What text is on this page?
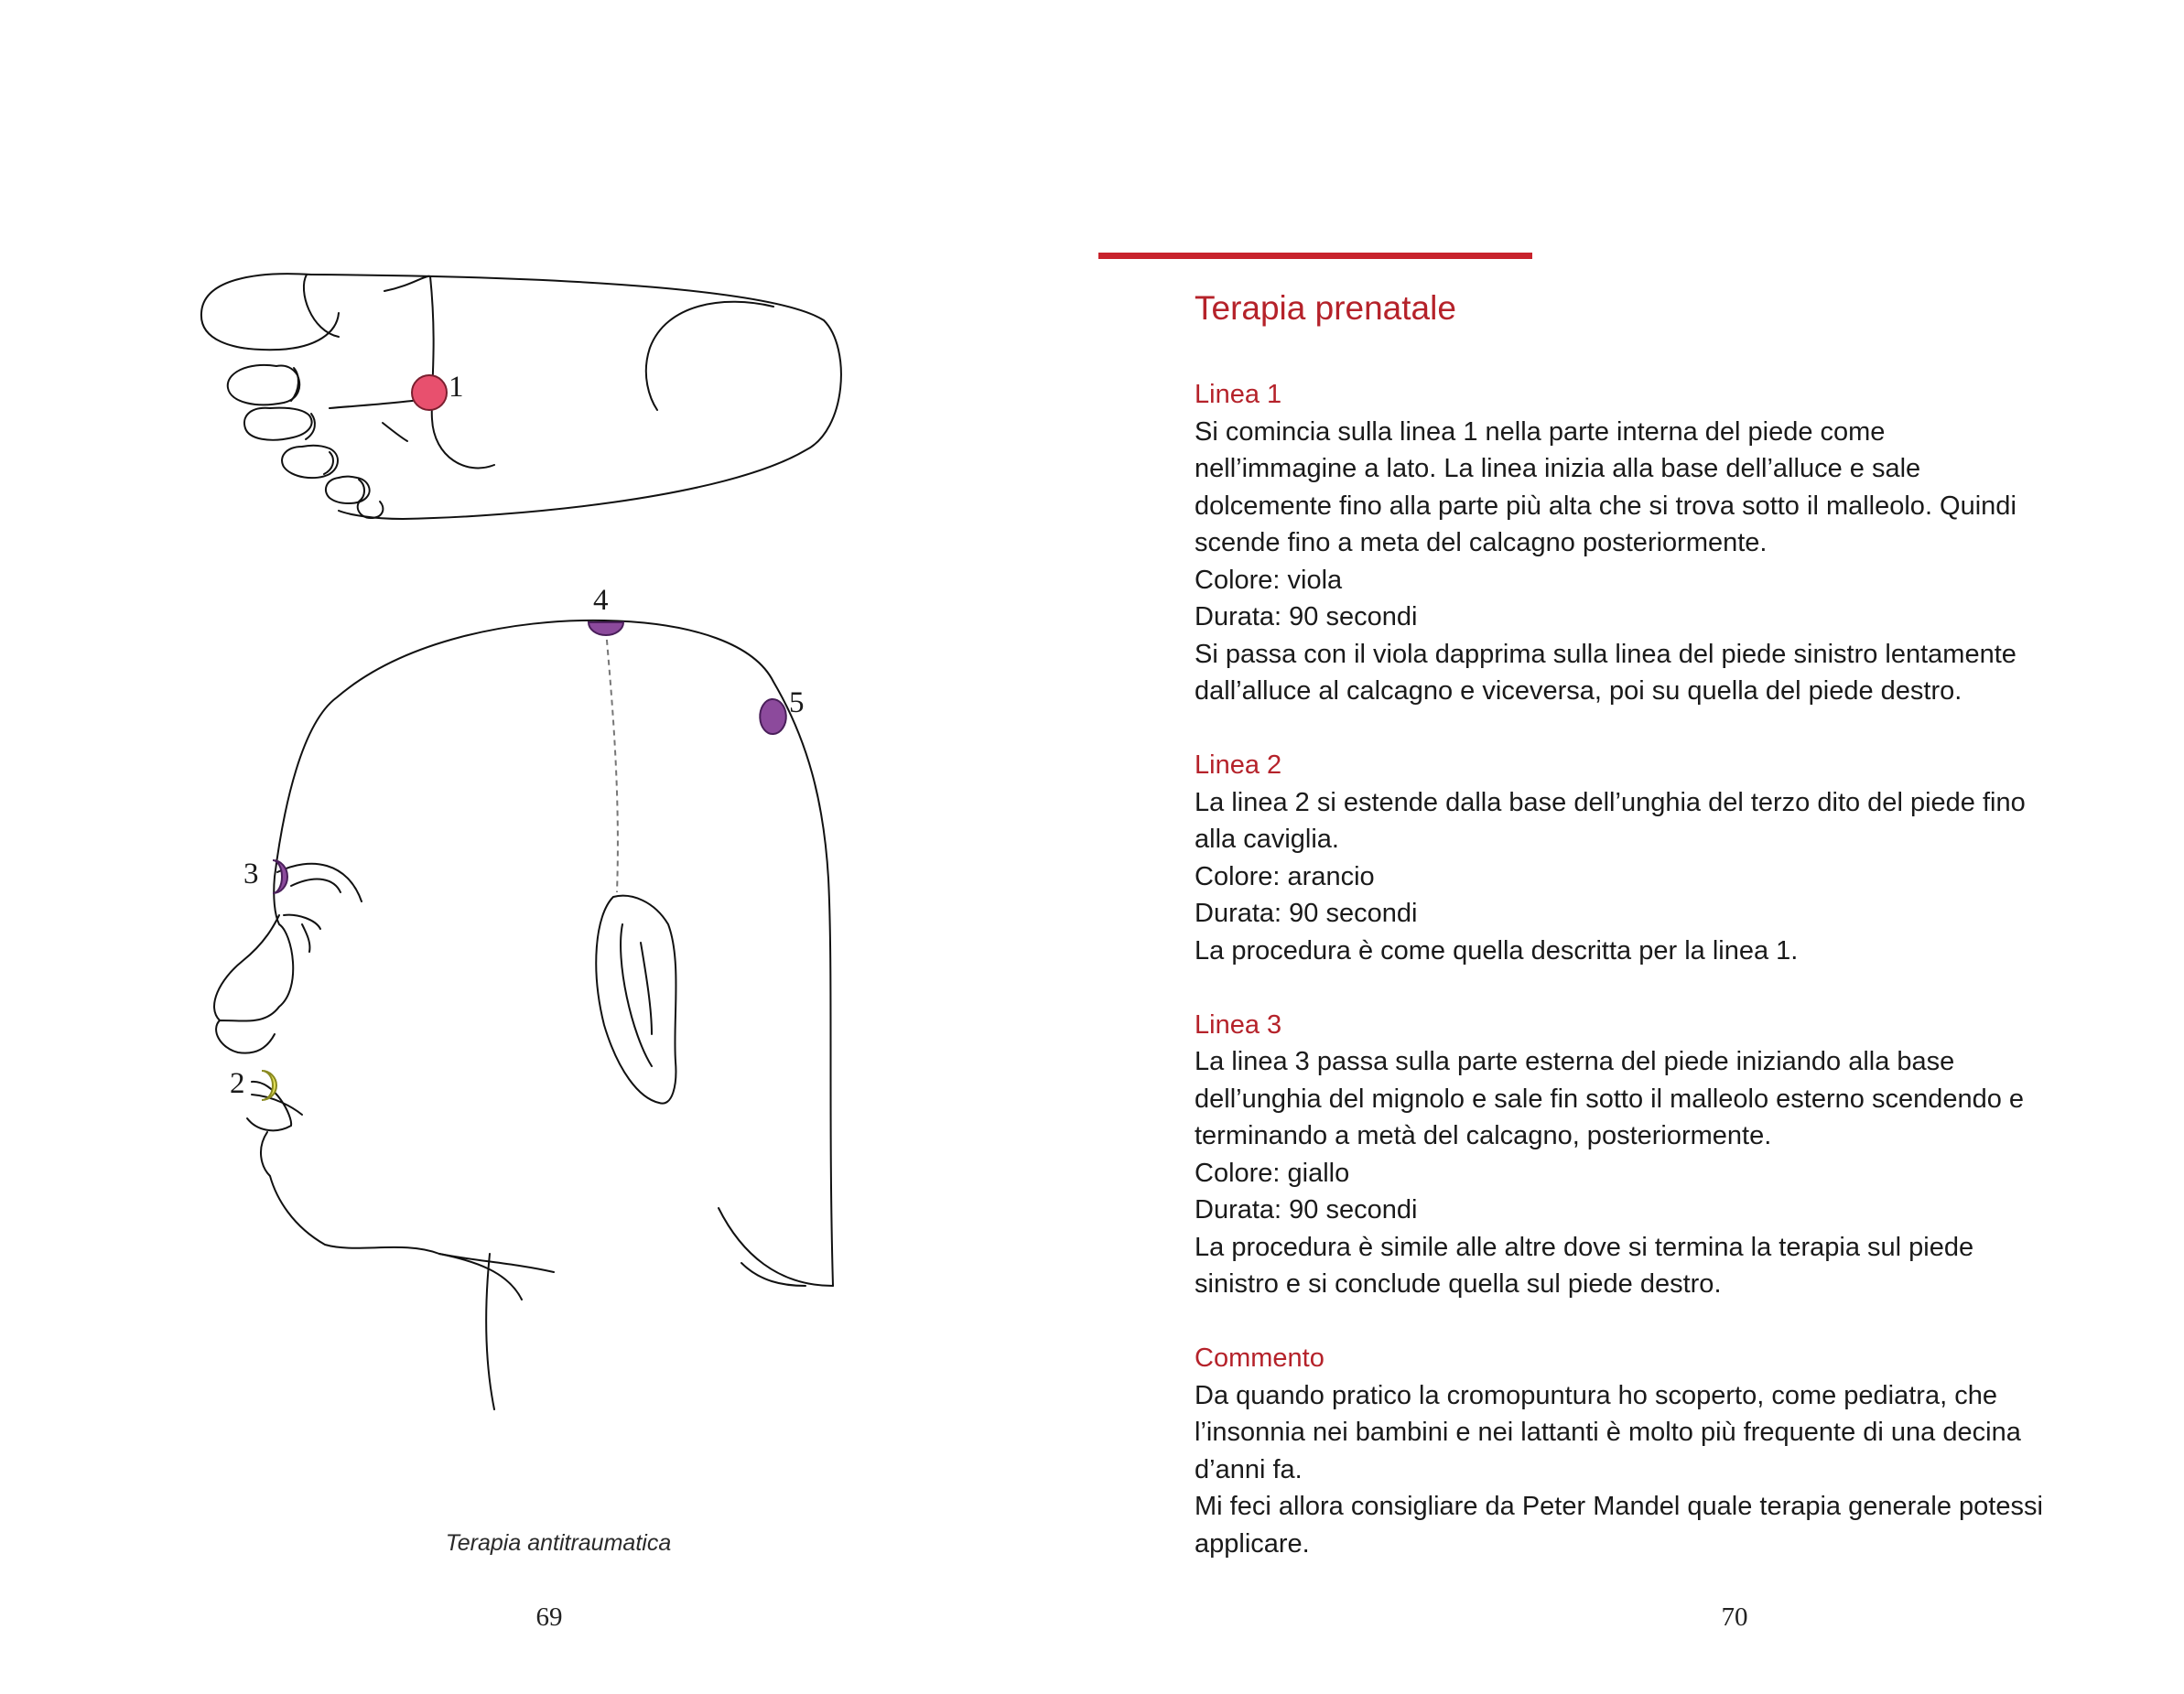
1
2
3
4
5
Terapia antitraumatica
69
Terapia prenatale
Linea 1

Si comincia sulla linea 1 nella parte interna del piede come

nell’immagine a lato. La linea inizia alla base dell’alluce e sale

dolcemente fino alla parte più alta che si trova sotto il malleolo. Quindi

scende fino a meta del calcagno posteriormente.

Colore: viola

Durata: 90 secondi

Si passa con il viola dapprima sulla linea del piede sinistro lentamente

dall’alluce al calcagno e viceversa, poi su quella del piede destro.

Linea 2

La linea 2 si estende dalla base dell’unghia del terzo dito del piede fino

alla caviglia.

Colore: arancio

Durata: 90 secondi

La procedura è come quella descritta per la linea 1.

Linea 3

La linea 3 passa sulla parte esterna del piede iniziando alla base

dell’unghia del mignolo e sale fin sotto il malleolo esterno scendendo e

terminando a metà del calcagno, posteriormente.

Colore: giallo

Durata: 90 secondi

La procedura è simile alle altre dove si termina la terapia sul piede

sinistro e si conclude quella sul piede destro.

Commento

Da quando pratico la cromopuntura ho scoperto, come pediatra, che

l’insonnia nei bambini e nei lattanti è molto più frequente di una decina

d’anni fa.

Mi feci allora consigliare da Peter Mandel quale terapia generale potessi

applicare.

70
